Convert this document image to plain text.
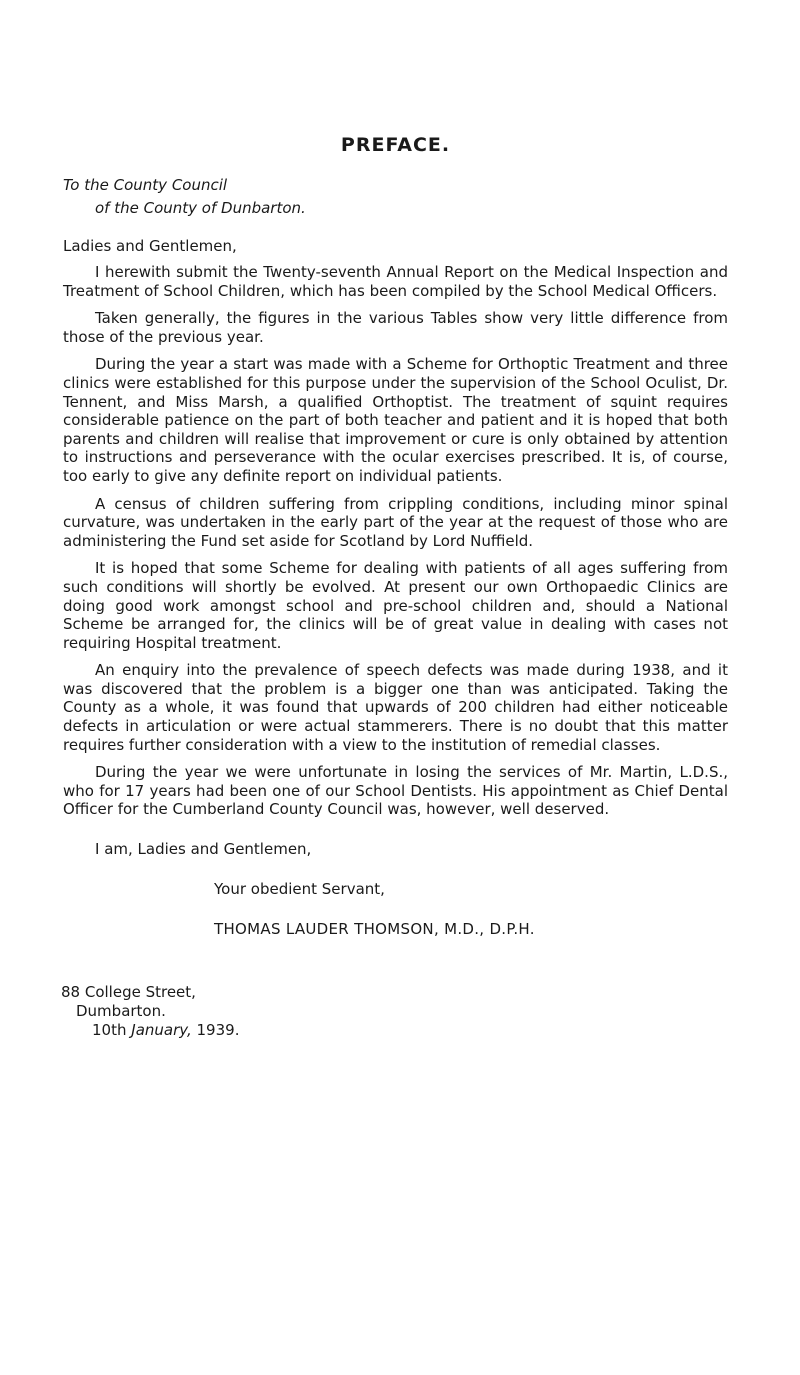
PREFACE.

To the County Council

of the County of Dunbarton.

Ladies and Gentlemen,

I herewith submit the Twenty-seventh Annual Report on the Medical Inspection and Treatment of School Children, which has been compiled by the School Medical Officers.

Taken generally, the figures in the various Tables show very little difference from those of the previous year.

During the year a start was made with a Scheme for Orthoptic Treatment and three clinics were established for this purpose under the supervision of the School Oculist, Dr. Tennent, and Miss Marsh, a qualified Orthoptist. The treatment of squint requires considerable patience on the part of both teacher and patient and it is hoped that both parents and children will realise that improvement or cure is only obtained by attention to instructions and perseverance with the ocular exercises prescribed. It is, of course, too early to give any definite report on individual patients.

A census of children suffering from crippling conditions, including minor spinal curvature, was undertaken in the early part of the year at the request of those who are administering the Fund set aside for Scotland by Lord Nuffield.

It is hoped that some Scheme for dealing with patients of all ages suffering from such conditions will shortly be evolved. At present our own Orthopaedic Clinics are doing good work amongst school and pre-school children and, should a National Scheme be arranged for, the clinics will be of great value in dealing with cases not requiring Hospital treatment.

An enquiry into the prevalence of speech defects was made during 1938, and it was discovered that the problem is a bigger one than was anticipated. Taking the County as a whole, it was found that upwards of 200 children had either noticeable defects in articulation or were actual stammerers. There is no doubt that this matter requires further consideration with a view to the institution of remedial classes.

During the year we were unfortunate in losing the services of Mr. Martin, L.D.S., who for 17 years had been one of our School Dentists. His appointment as Chief Dental Officer for the Cumberland County Council was, however, well deserved.

I am, Ladies and Gentlemen,

Your obedient Servant,

THOMAS LAUDER THOMSON, M.D., D.P.H.

88 College Street,
Dumbarton.
10th January, 1939.
